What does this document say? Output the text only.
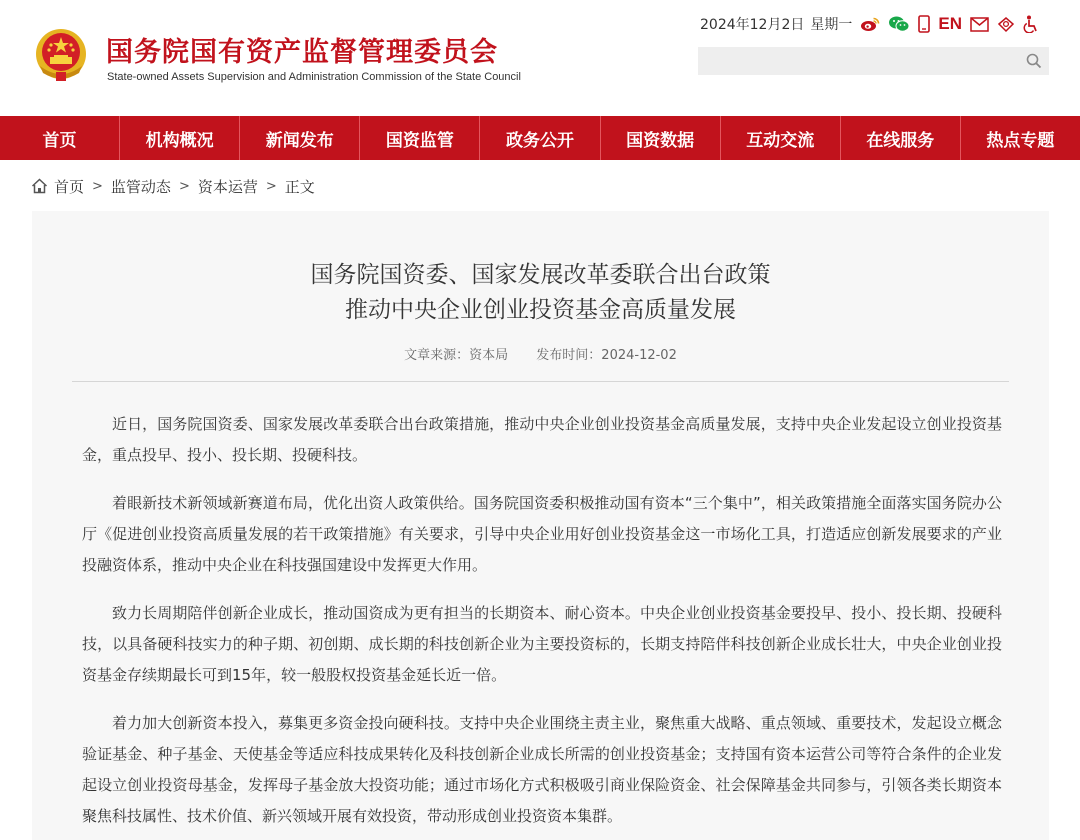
国务院国有资产监督管理委员会
State-owned Assets Supervision and Administration Commission of the State Council
2024年12月2日 星期一	EN
首页	机构概况	新闻发布	国资监管	政务公开	国资数据	互动交流	在线服务	热点专题
首页 > 监管动态 > 资本运营 > 正文
国务院国资委、国家发展改革委联合出台政策
推动中央企业创业投资基金高质量发展
文章来源：资本局 发布时间：2024-12-02

近日，国务院国资委、国家发展改革委联合出台政策措施，推动中央企业创业投资基金高质量发展，支持中央企业发起设立创业投资基金，重点投早、投小、投长期、投硬科技。

着眼新技术新领域新赛道布局，优化出资人政策供给。国务院国资委积极推动国有资本“三个集中”，相关政策措施全面落实国务院办公厅《促进创业投资高质量发展的若干政策措施》有关要求，引导中央企业用好创业投资基金这一市场化工具，打造适应创新发展要求的产业投融资体系，推动中央企业在科技强国建设中发挥更大作用。

致力长周期陪伴创新企业成长，推动国资成为更有担当的长期资本、耐心资本。中央企业创业投资基金要投早、投小、投长期、投硬科技，以具备硬科技实力的种子期、初创期、成长期的科技创新企业为主要投资标的，长期支持陪伴科技创新企业成长壮大，中央企业创业投资基金存续期最长可到15年，较一般股权投资基金延长近一倍。

着力加大创新资本投入，募集更多资金投向硬科技。支持中央企业围绕主责主业，聚焦重大战略、重点领域、重要技术，发起设立概念验证基金、种子基金、天使基金等适应科技成果转化及科技创新企业成长所需的创业投资基金；支持国有资本运营公司等符合条件的企业发起设立创业投资母基金，发挥母子基金放大投资功能；通过市场化方式积极吸引商业保险资金、社会保障基金共同参与，引领各类长期资本聚焦科技属性、技术价值、新兴领域开展有效投资，带动形成创业投资资本集群。
